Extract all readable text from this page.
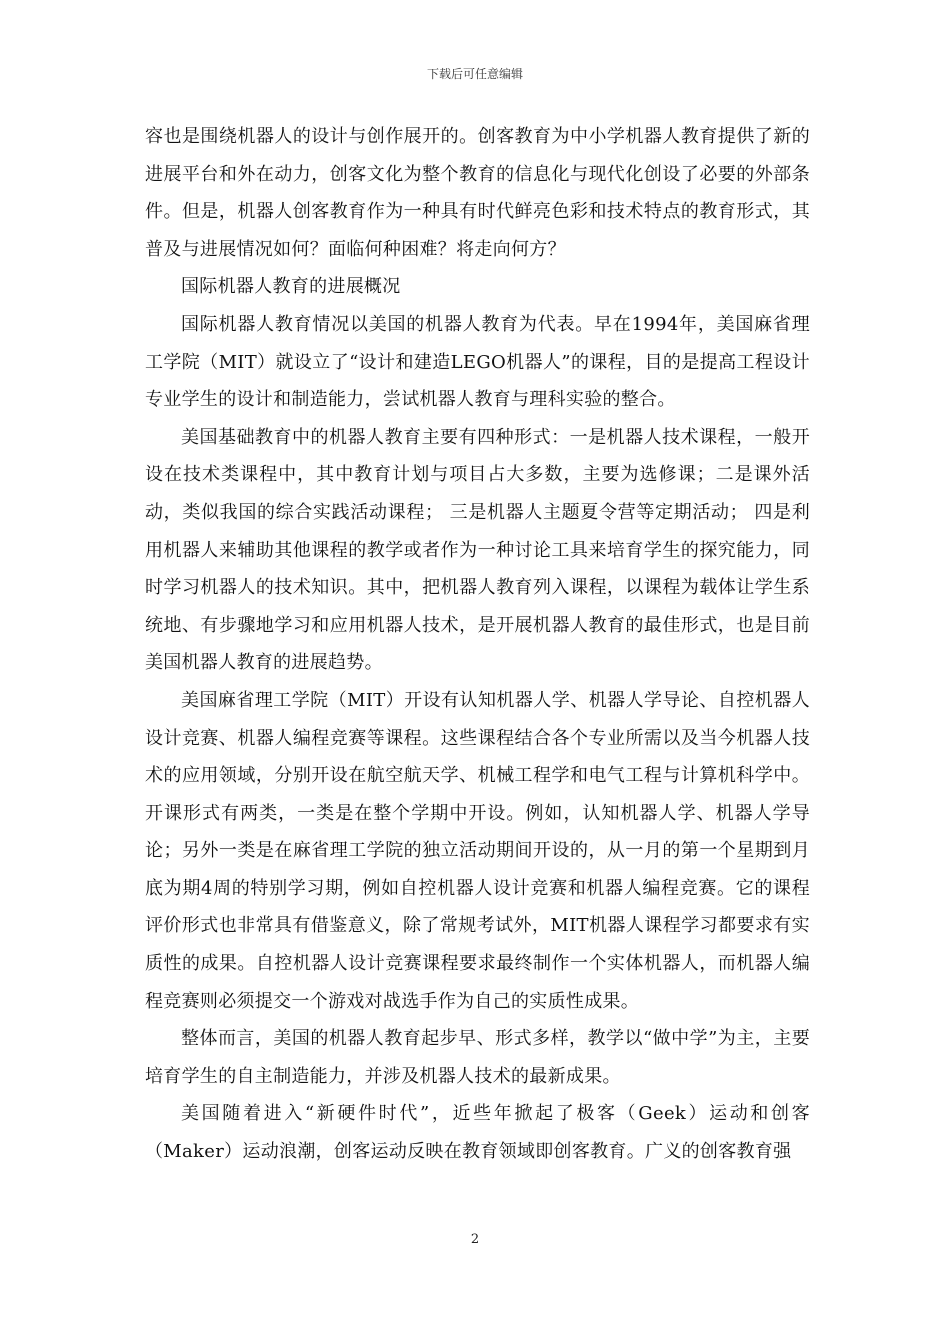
下载后可任意编辑

容也是围绕机器人的设计与创作展开的。创客教育为中小学机器人教育提供了新的进展平台和外在动力，创客文化为整个教育的信息化与现代化创设了必要的外部条件。但是，机器人创客教育作为一种具有时代鲜亮色彩和技术特点的教育形式，其普及与进展情况如何？面临何种困难？将走向何方？

国际机器人教育的进展概况

国际机器人教育情况以美国的机器人教育为代表。早在1994年，美国麻省理工学院（MIT）就设立了“设计和建造LEGO机器人”的课程，目的是提高工程设计专业学生的设计和制造能力，尝试机器人教育与理科实验的整合。

美国基础教育中的机器人教育主要有四种形式：一是机器人技术课程，一般开设在技术类课程中，其中教育计划与项目占大多数，主要为选修课；二是课外活动，类似我国的综合实践活动课程； 三是机器人主题夏令营等定期活动； 四是利用机器人来辅助其他课程的教学或者作为一种讨论工具来培育学生的探究能力，同时学习机器人的技术知识。其中，把机器人教育列入课程，以课程为载体让学生系统地、有步骤地学习和应用机器人技术，是开展机器人教育的最佳形式，也是目前美国机器人教育的进展趋势。

美国麻省理工学院（MIT）开设有认知机器人学、机器人学导论、自控机器人设计竞赛、机器人编程竞赛等课程。这些课程结合各个专业所需以及当今机器人技术的应用领域，分别开设在航空航天学、机械工程学和电气工程与计算机科学中。开课形式有两类，一类是在整个学期中开设。例如，认知机器人学、机器人学导论；另外一类是在麻省理工学院的独立活动期间开设的，从一月的第一个星期到月底为期4周的特别学习期，例如自控机器人设计竞赛和机器人编程竞赛。它的课程评价形式也非常具有借鉴意义，除了常规考试外，MIT机器人课程学习都要求有实质性的成果。自控机器人设计竞赛课程要求最终制作一个实体机器人，而机器人编程竞赛则必须提交一个游戏对战选手作为自己的实质性成果。

整体而言，美国的机器人教育起步早、形式多样，教学以“做中学”为主，主要培育学生的自主制造能力，并涉及机器人技术的最新成果。

美国随着进入“新硬件时代”，近些年掀起了极客（Geek）运动和创客（Maker）运动浪潮，创客运动反映在教育领域即创客教育。广义的创客教育强

2
